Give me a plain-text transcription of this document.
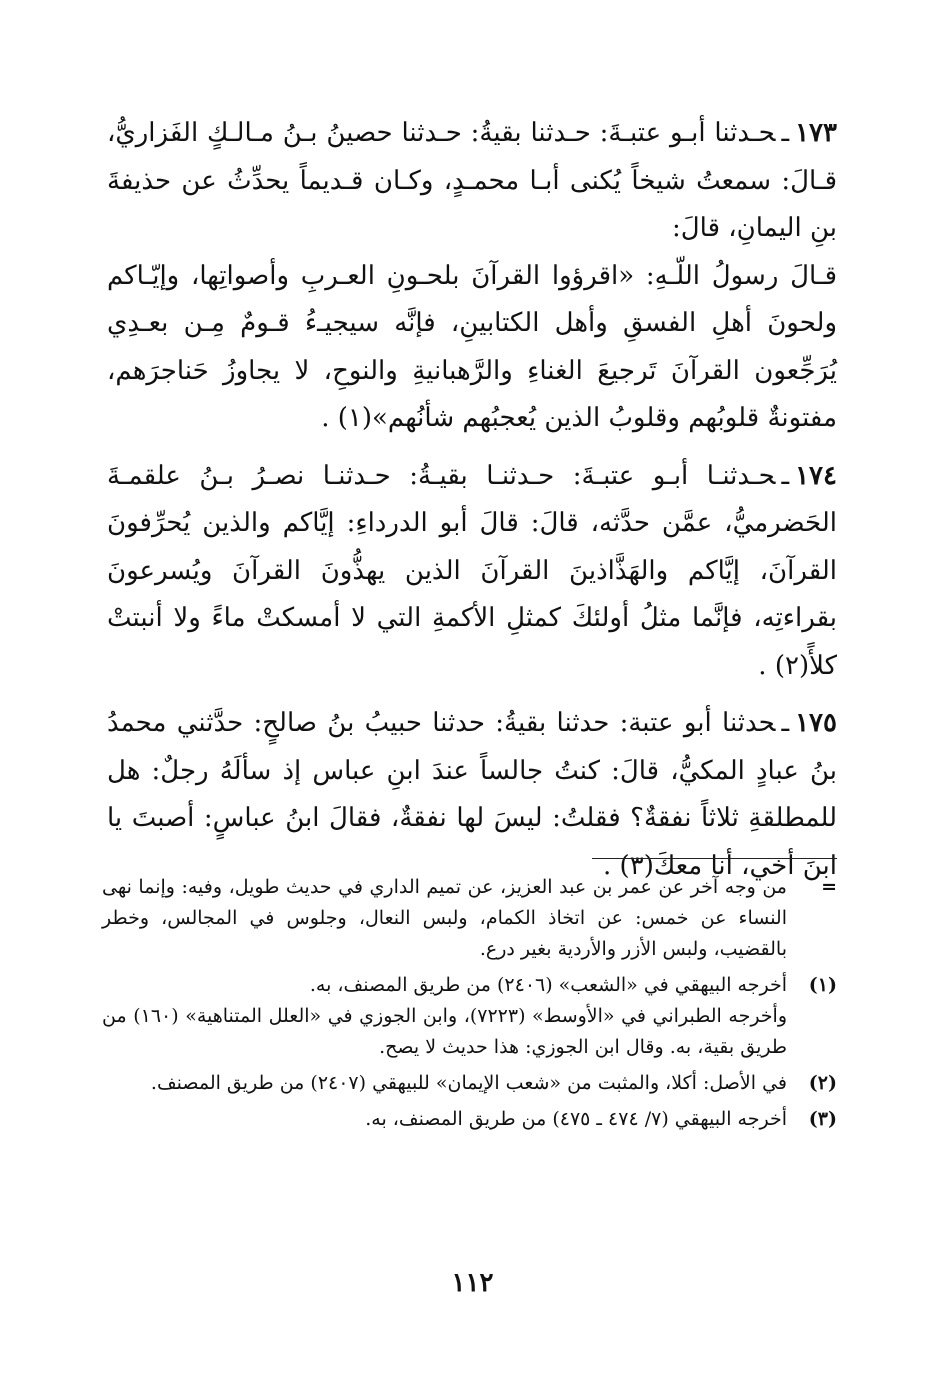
١٧٣ـحـدثنا أبـو عتبـةَ: حـدثنا بقيةُ: حـدثنا حصينُ بـنُ مـالـكٍ الفَزاريُّ، قـالَ: سمعتُ شيخاً يُكنى أبـا محمـدٍ، وكـان قـديماً يحدِّثُ عن حذيفةَ بنِ اليمانِ، قالَ:

قـالَ رسولُ اللّـهِ: «اقرؤوا القرآنَ بلحـونِ العـربِ وأصواتِها، وإيّـاكم ولحونَ أهلِ الفسقِ وأهل الكتابينِ، فإنَّه سيجيـءُ قـومٌ مِـن بعـدِي يُرَجِّعون القرآنَ تَرجيعَ الغناءِ والرَّهبانيةِ والنوحِ، لا يجاوزُ حَناجرَهم، مفتونةٌ قلوبُهم وقلوبُ الذين يُعجبُهم شأنُهم»(١) .

١٧٤ـحـدثنـا أبـو عتبـةَ: حـدثنـا بقيـةُ: حـدثنـا نصـرُ بـنُ علقمـةَ الحَضرميُّ، عمَّن حدَّثه، قالَ: قالَ أبو الدرداءِ: إيَّاكم والذين يُحرِّفونَ القرآنَ، إيَّاكم والهَذَّاذينَ القرآنَ الذين يهذُّونَ القرآنَ ويُسرعونَ بقراءتِه، فإنَّما مثلُ أولئكَ كمثلِ الأكمةِ التي لا أمسكتْ ماءً ولا أنبتتْ كلأً(٢) .

١٧٥ـحدثنا أبو عتبة: حدثنا بقيةُ: حدثنا حبيبُ بنُ صالحٍ: حدَّثني محمدُ بنُ عبادٍ المكيُّ، قالَ: كنتُ جالساً عندَ ابنِ عباس إذ سألَهُ رجلٌ: هل للمطلقةِ ثلاثاً نفقةٌ؟ فقلتُ: ليسَ لها نفقةٌ، فقالَ ابنُ عباسٍ: أصبتَ يا ابنَ أخي، أنا معكَ(٣) .

=
من وجه آخر عن عمر بن عبد العزيز، عن تميم الداري في حديث طويل، وفيه: وإنما نهى النساء عن خمس: عن اتخاذ الكمام، ولبس النعال، وجلوس في المجالس، وخطر بالقضيب، ولبس الأزر والأردية بغير درع.
(١)
أخرجه البيهقي في «الشعب» (٢٤٠٦) من طريق المصنف، به.
وأخرجه الطبراني في «الأوسط» (٧٢٢٣)، وابن الجوزي في «العلل المتناهية» (١٦٠) من طريق بقية، به. وقال ابن الجوزي: هذا حديث لا يصح.
(٢)
في الأصل: أكلا، والمثبت من «شعب الإيمان» للبيهقي (٢٤٠٧) من طريق المصنف.
(٣)
أخرجه البيهقي (٧/ ٤٧٤ ـ ٤٧٥) من طريق المصنف، به.
١١٢
